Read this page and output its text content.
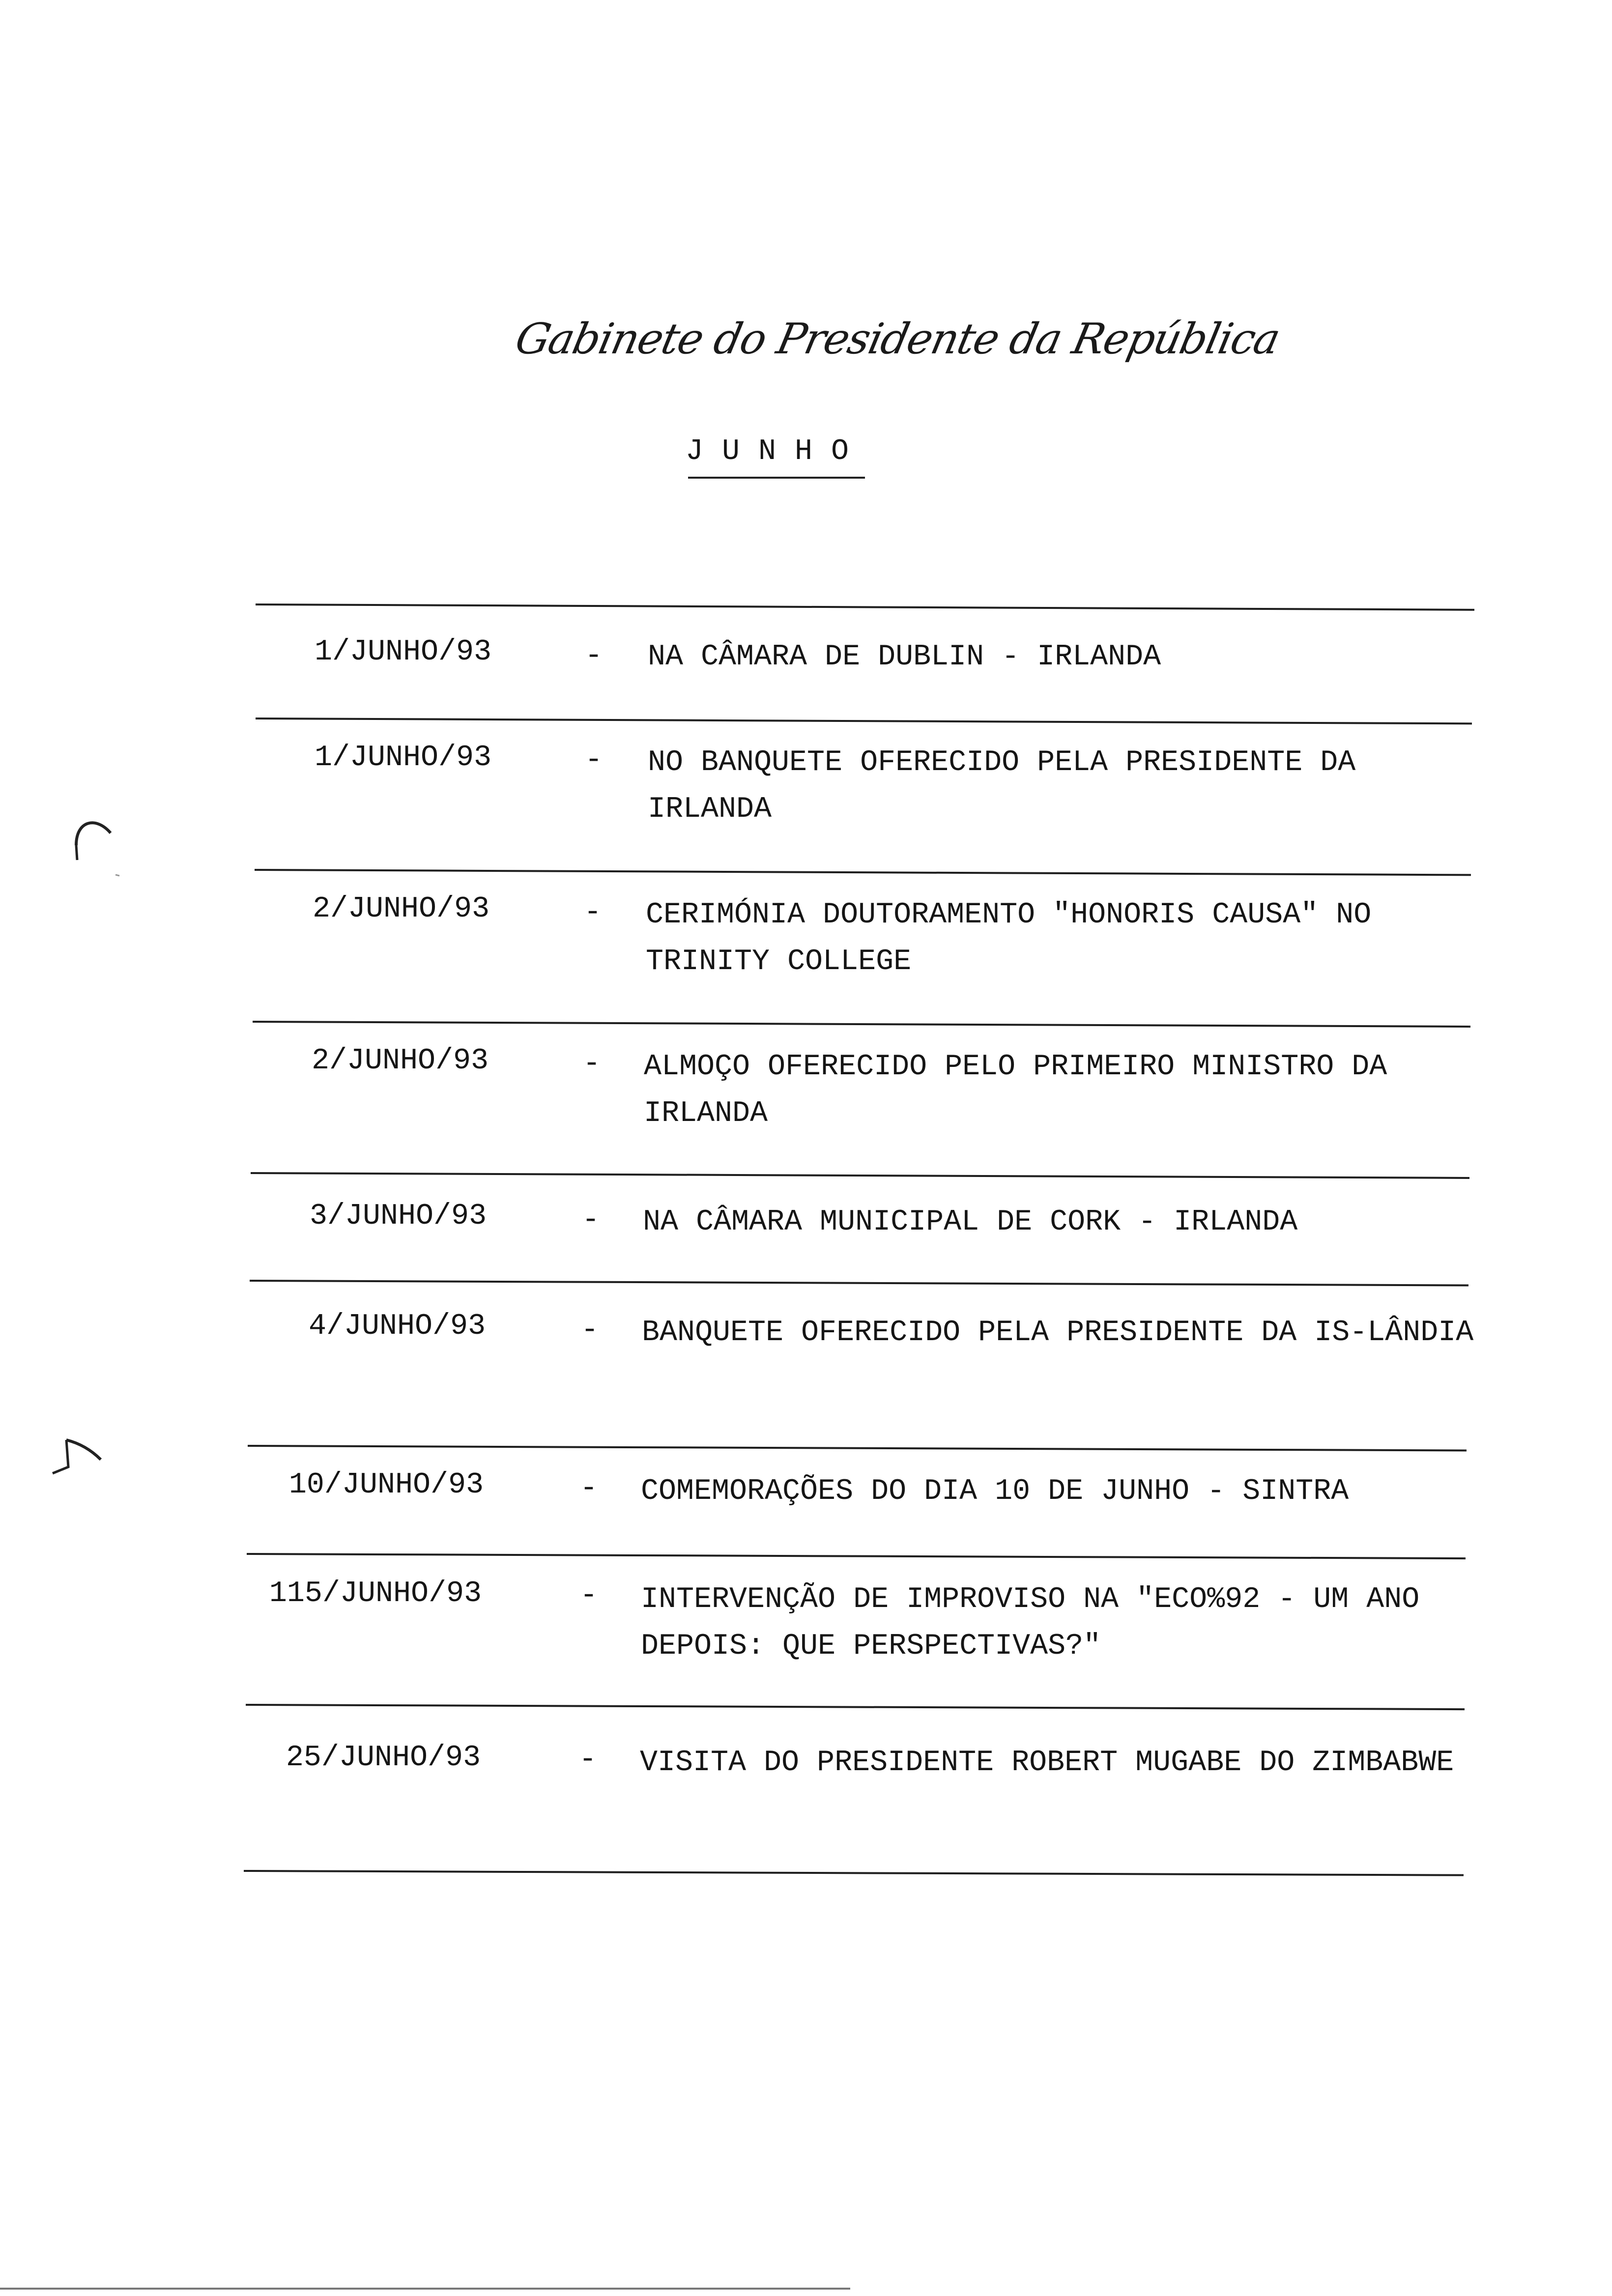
Gabinete do Presidente da República
JUNHO
1/JUNHO/93	- NA CÂMARA DE DUBLIN - IRLANDA
1/JUNHO/93	- NO BANQUETE OFERECIDO PELA PRESIDENTE DA IRLANDA
2/JUNHO/93	- CERIMÓNIA DOUTORAMENTO "HONORIS CAUSA" NO TRINITY COLLEGE
2/JUNHO/93	- ALMOÇO OFERECIDO PELO PRIMEIRO MINISTRO DA IRLANDA
3/JUNHO/93	- NA CÂMARA MUNICIPAL DE CORK - IRLANDA
4/JUNHO/93	- BANQUETE OFERECIDO PELA PRESIDENTE DA IS-LÂNDIA
10/JUNHO/93	- COMEMORAÇÕES DO DIA 10 DE JUNHO - SINTRA
115/JUNHO/93	- INTERVENÇÃO DE IMPROVISO NA "ECO%92 - UM ANO DEPOIS: QUE PERSPECTIVAS?"
25/JUNHO/93	- VISITA DO PRESIDENTE ROBERT MUGABE DO ZIMBABWE
